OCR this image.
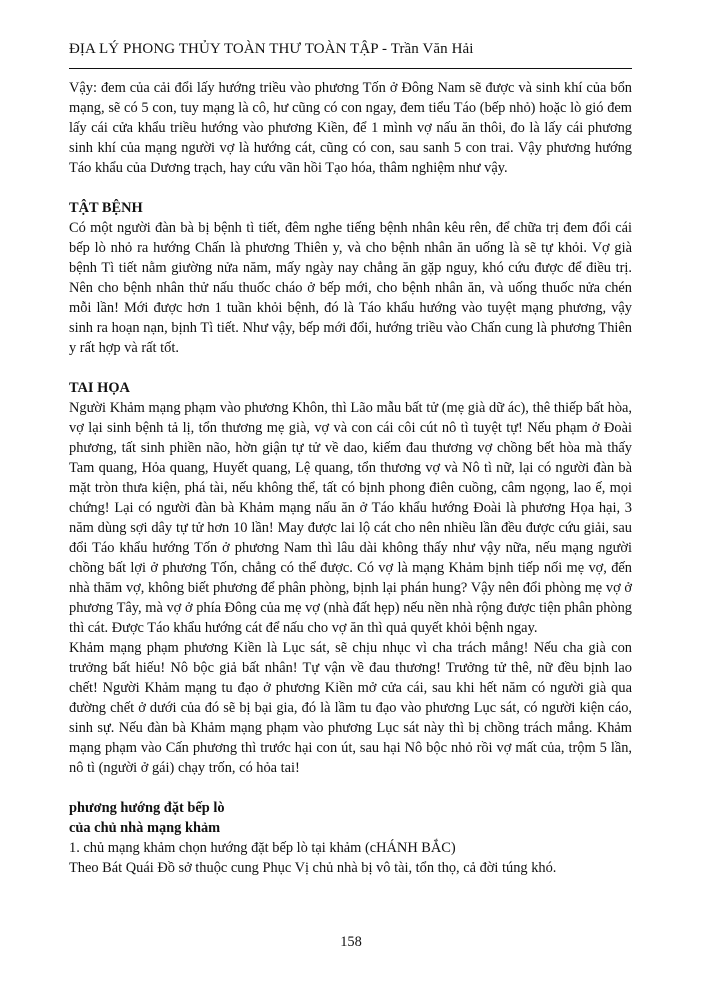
ĐỊA LÝ PHONG THỦY TOÀN THƯ TOÀN TẬP - Trần Văn Hải

Vậy: đem của cải đổi lấy hướng triều vào phương Tốn ở Đông Nam sẽ được và sinh khí của bổn mạng, sẽ có 5 con, tuy mạng là cô, hư cũng có con ngay, đem tiểu Táo (bếp nhỏ) hoặc lò gió đem lấy cái cửa khẩu triều hướng vào phương Kiền, để 1 mình vợ nấu ăn thôi, đo là lấy cái phương sinh khí của mạng người vợ là hướng cát, cũng có con, sau sanh 5 con trai. Vậy phương hướng Táo khẩu của Dương trạch, hay cứu vãn hồi Tạo hóa, thâm nghiệm như vậy.

TẬT BỆNH

Có một người đàn bà bị bệnh tì tiết, đêm nghe tiếng bệnh nhân kêu rên, để chữa trị đem đổi cái bếp lò nhỏ ra hướng Chấn là phương Thiên y, và cho bệnh nhân ăn uống là sẽ tự khỏi. Vợ già bệnh Tì tiết nằm giường nửa năm, mấy ngày nay chẳng ăn gặp nguy, khó cứu được để điều trị. Nên cho bệnh nhân thử nấu thuốc cháo ở bếp mới, cho bệnh nhân ăn, và uống thuốc nửa chén mỗi lần! Mới được hơn 1 tuần khỏi bệnh, đó là Táo khẩu hướng vào tuyệt mạng phương, vậy sinh ra hoạn nạn, bịnh Tì tiết. Như vậy, bếp mới đổi, hướng triều vào Chấn cung là phương Thiên y rất hợp và rất tốt.

TAI HỌA

Người Khảm mạng phạm vào phương Khôn, thì Lão mẫu bất tử (mẹ già dữ ác), thê thiếp bất hòa, vợ lại sinh bệnh tả lị, tổn thương mẹ già, vợ và con cái côi cút nô tì tuyệt tự! Nếu phạm ở Đoài phương, tất sinh phiền não, hờn giận tự tử về dao, kiếm đau thương vợ chồng bết hòa mà thấy Tam quang, Hỏa quang, Huyết quang, Lệ quang, tổn thương vợ và Nô tì nữ, lại có người đàn bà mặt tròn thưa kiện, phá tài, nếu không thể, tất có bịnh phong điên cuồng, câm ngọng, lao ế, mọi chứng! Lại có người đàn bà Khảm mạng nấu ăn ở Táo khẩu hướng Đoài là phương Họa hại, 3 năm dùng sợi dây tự tử hơn 10 lần! May được lai lộ cát cho nên nhiều lần đều được cứu giải, sau đổi Táo khẩu hướng Tốn ở phương Nam thì lâu dài không thấy như vậy nữa, nếu mạng người chồng bất lợi ở phương Tốn, chẳng có thể được. Có vợ là mạng Khảm bịnh tiếp nối mẹ vợ, đến nhà thăm vợ, không biết phương để phân phòng, bịnh lại phán hung? Vậy nên đổi phòng mẹ vợ ở phương Tây, mà vợ ở phía Đông của mẹ vợ (nhà đất hẹp) nếu nền nhà rộng được tiện phân phòng thì cát. Được Táo khẩu hướng cát để nấu cho vợ ăn thì quả quyết khỏi bệnh ngay.

Khảm mạng phạm phương Kiền là Lục sát, sẽ chịu nhục vì cha trách mắng! Nếu cha già con trưởng bất hiếu! Nô bộc giả bất nhân! Tự vận về đau thương! Trưởng tử thê, nữ đều bịnh lao chết! Người Khảm mạng tu đạo ở phương Kiền mở cửa cái, sau khi hết năm có người già qua đường chết ở dưới của đó sẽ bị bại gia, đó là lầm tu đạo vào phương Lục sát, có người kiện cáo, sinh sự. Nếu đàn bà Khảm mạng phạm vào phương Lục sát này thì bị chồng trách mắng. Khảm mạng phạm vào Cấn phương thì trước hại con út, sau hại Nô bộc nhỏ rồi vợ mất của, trộm 5 lần, nô tì (người ở gái) chạy trốn, có hỏa tai!

phương hướng đặt bếp lò

của chủ nhà mạng khảm

1. chủ mạng khảm chọn hướng đặt bếp lò tại khảm (cHÁNH BẮC)

Theo Bát Quái Đồ sở thuộc cung Phục Vị chủ nhà bị vô tài, tổn thọ, cả đời túng khó.

158
